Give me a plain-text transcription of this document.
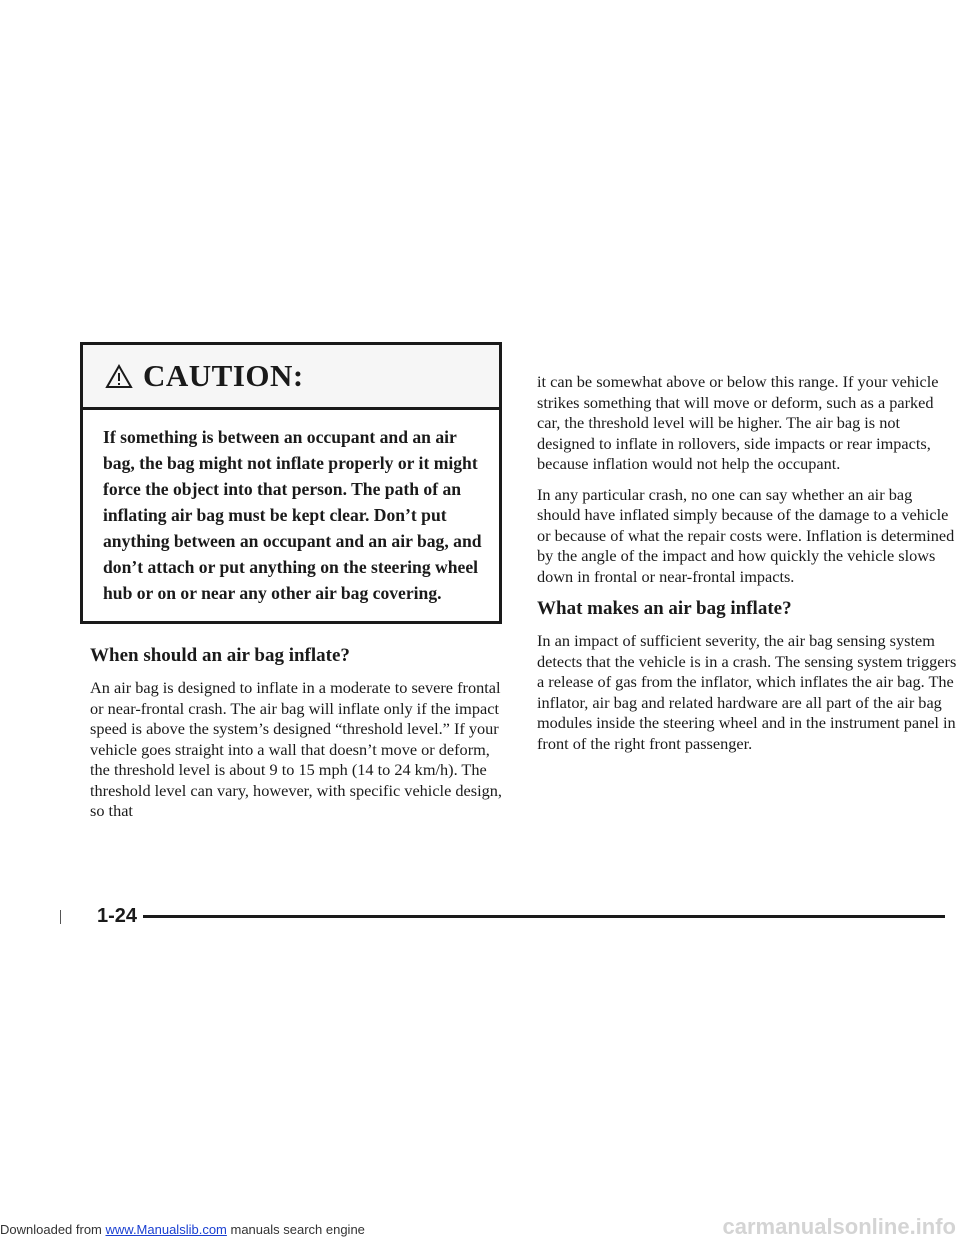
CAUTION:
If something is between an occupant and an air bag, the bag might not inflate properly or it might force the object into that person. The path of an inflating air bag must be kept clear. Don’t put anything between an occupant and an air bag, and don’t attach or put anything on the steering wheel hub or on or near any other air bag covering.
When should an air bag inflate?

An air bag is designed to inflate in a moderate to severe frontal or near-frontal crash. The air bag will inflate only if the impact speed is above the system’s designed “threshold level.” If your vehicle goes straight into a wall that doesn’t move or deform, the threshold level is about 9 to 15 mph (14 to 24 km/h). The threshold level can vary, however, with specific vehicle design, so that

it can be somewhat above or below this range. If your vehicle strikes something that will move or deform, such as a parked car, the threshold level will be higher. The air bag is not designed to inflate in rollovers, side impacts or rear impacts, because inflation would not help the occupant.

In any particular crash, no one can say whether an air bag should have inflated simply because of the damage to a vehicle or because of what the repair costs were. Inflation is determined by the angle of the impact and how quickly the vehicle slows down in frontal or near-frontal impacts.

What makes an air bag inflate?

In an impact of sufficient severity, the air bag sensing system detects that the vehicle is in a crash. The sensing system triggers a release of gas from the inflator, which inflates the air bag. The inflator, air bag and related hardware are all part of the air bag modules inside the steering wheel and in the instrument panel in front of the right front passenger.

1-24
Downloaded from www.Manualslib.com manuals search engine	carmanualsonline.info
